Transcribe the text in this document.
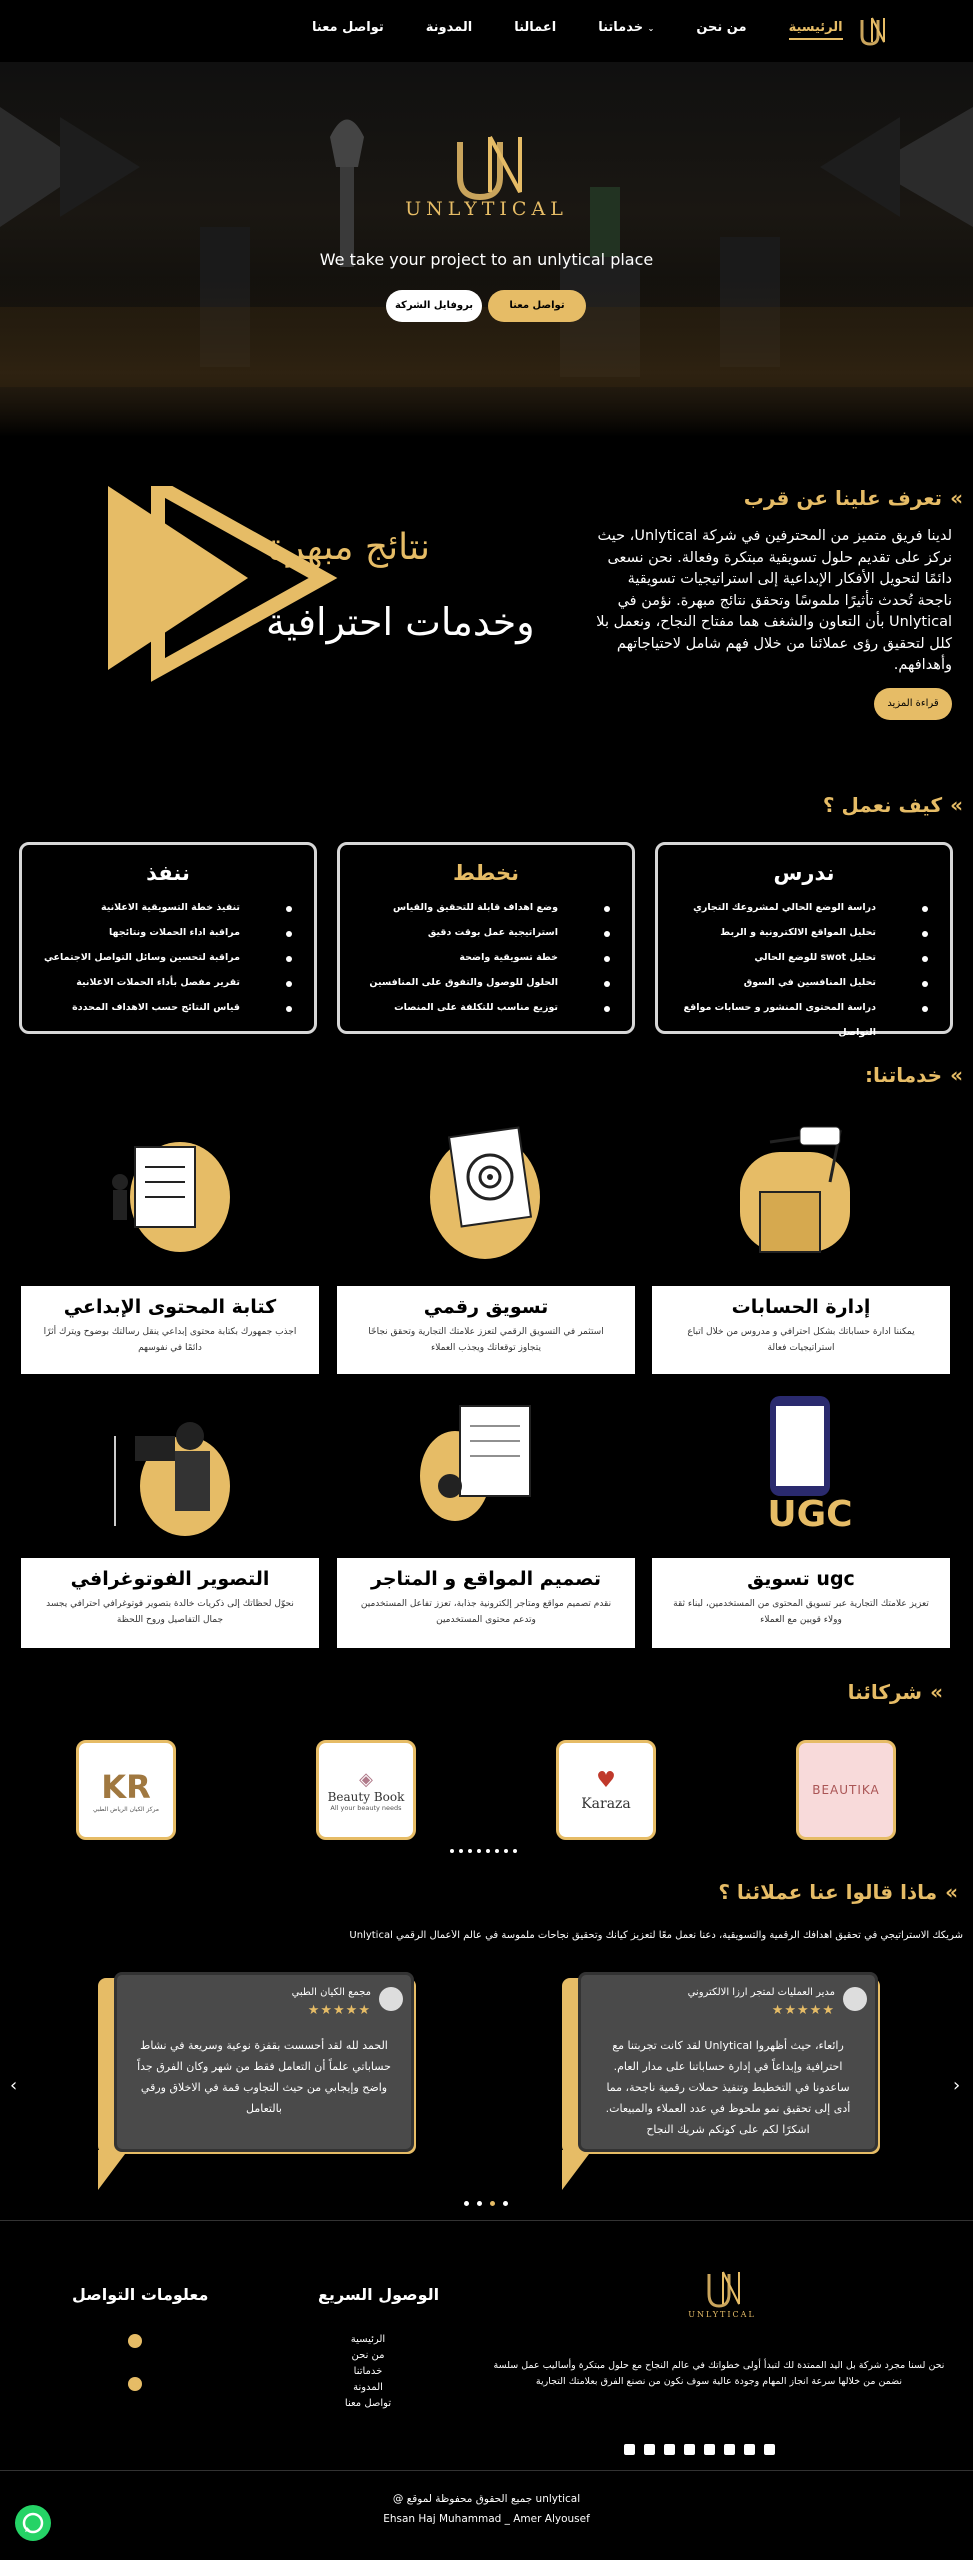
الرئيسية
من نحن
خدماتنا ⌄
اعمالنا
المدونة
تواصل معنا
UNLYTICAL
We take your project to an unlytical place
تواصل معنا
بروفايل الشركة
»تعرف علينا عن قرب
نتائج مبهرة
وخدمات احترافية
لدينا فريق متميز من المحترفين في شركة Unlytical، حيث نركز على تقديم حلول تسويقية مبتكرة وفعالة. نحن نسعى دائمًا لتحويل الأفكار الإبداعية إلى استراتيجيات تسويقية ناجحة تُحدث تأثيرًا ملموسًا وتحقق نتائج مبهرة. نؤمن في Unlytical بأن التعاون والشغف هما مفتاح النجاح، ونعمل بلا كلل لتحقيق رؤى عملائنا من خلال فهم شامل لاحتياجاتهم وأهدافهم.
قراءة المزيد
»كيف نعمل ؟
ندرس
دراسة الوضع الحالي لمشروعك التجاري
تحليل المواقع الالكترونية و الربط
تحليل swot للوضع الحالي
تحليل المنافسين في السوق
دراسة المحتوى المنشور و حسابات مواقع التواصل
نخطط
وضع اهداف قابلة للتحقيق والقياس
استراتيجية عمل بوقت دقيق
خطة تسويقية واضحة
الحلول للوصول والتفوق على المنافسين
توزيع مناسب للتكلفة على المنصات
ننفذ
تنفيذ خطة التسويقية الاعلانية
مراقبة اداء الحملات ونتائجها
مراقبة لتحسين وسائل التواصل الاجتماعي
تقرير مفصل بأداء الحملات الاعلانية
قياس النتائج حسب الاهداف المحددة
»خدماتنا:
إدارة الحسابات

يمكننا ادارة حساباتك بشكل احترافي و مدروس من خلال اتباع استراتيجيات فعالة

تسويق رقمي

استثمر في التسويق الرقمي لتعزز علامتك التجارية وتحقق نجاحًا يتجاوز توقعاتك ويجذب العملاء

كتابة المحتوى الإبداعي

اجذب جمهورك بكتابة محتوى إبداعي ينقل رسالتك بوضوح ويترك أثرًا دائمًا في نفوسهم

UGC
تسويق ugc

تعزيز علامتك التجارية عبر تسويق المحتوى من المستخدمين، لبناء ثقة وولاء قويين مع العملاء

تصميم المواقع و المتاجر

نقدم تصميم مواقع ومتاجر إلكترونية جذابة، تعزز تفاعل المستخدمين وتدعم محتوى المستخدمين

التصوير الفوتوغرافي

نحوّل لحظاتك إلى ذكريات خالدة بتصوير فوتوغرافي احترافي يجسد جمال التفاصيل وروح اللحظة

»شركائنا
BEAUTIKA
♥
Karaza
◈
Beauty Book
All your beauty needs
KR
مركز الكيان الرياض الطبي
»ماذا قالوا عنا عملائنا ؟
شريكك الاستراتيجي في تحقيق أهدافك الرقمية والتسويقية، دعنا نعمل معًا لتعزيز كيانك وتحقيق نجاحات ملموسة في عالم الأعمال الرقمي Unlytical
مدير العمليات لمتجر ارزا الالكتروني
★★★★★
رائعاء، حيث أظهروا Unlytical لقد كانت تجربتنا مع احترافية وإبداعاً في إدارة حساباتنا على مدار العام. ساعدونا في التخطيط وتنفيذ حملات رقمية ناجحة، مما أدى إلى تحقيق نمو ملحوظ في عدد العملاء والمبيعات. اشكرًا لكم على كونكم شريك النجاح
مجمع الكيان الطبي
★★★★★
الحمد لله لقد أحسست بقفزة نوعية وسريعة في نشاط حساباتي علماً أن التعامل فقط من شهر وكان الفرق جداً واضح وإيجابي من حيث التجاوب قمة في الاخلاق ورقي بالتعامل
‹	›
UNLYTICAL
نحن لسنا مجرد شركة بل اليد الممتدة لك لتبدأ أولى خطواتك في عالم النجاح مع حلول مبتكرة وأساليب عمل سلسة نضمن من خلالها سرعة انجاز المهام وجودة عالية سوف نكون من نصنع الفرق بعلامتك التجارية
الوصول السريع
الرئيسية
من نحن
خدماتنا
المدونة
تواصل معنا
معلومات التواصل
@ جميع الحقوق محفوظة لموقع unlytical
Ehsan Haj Muhammad _ Amer Alyousef
